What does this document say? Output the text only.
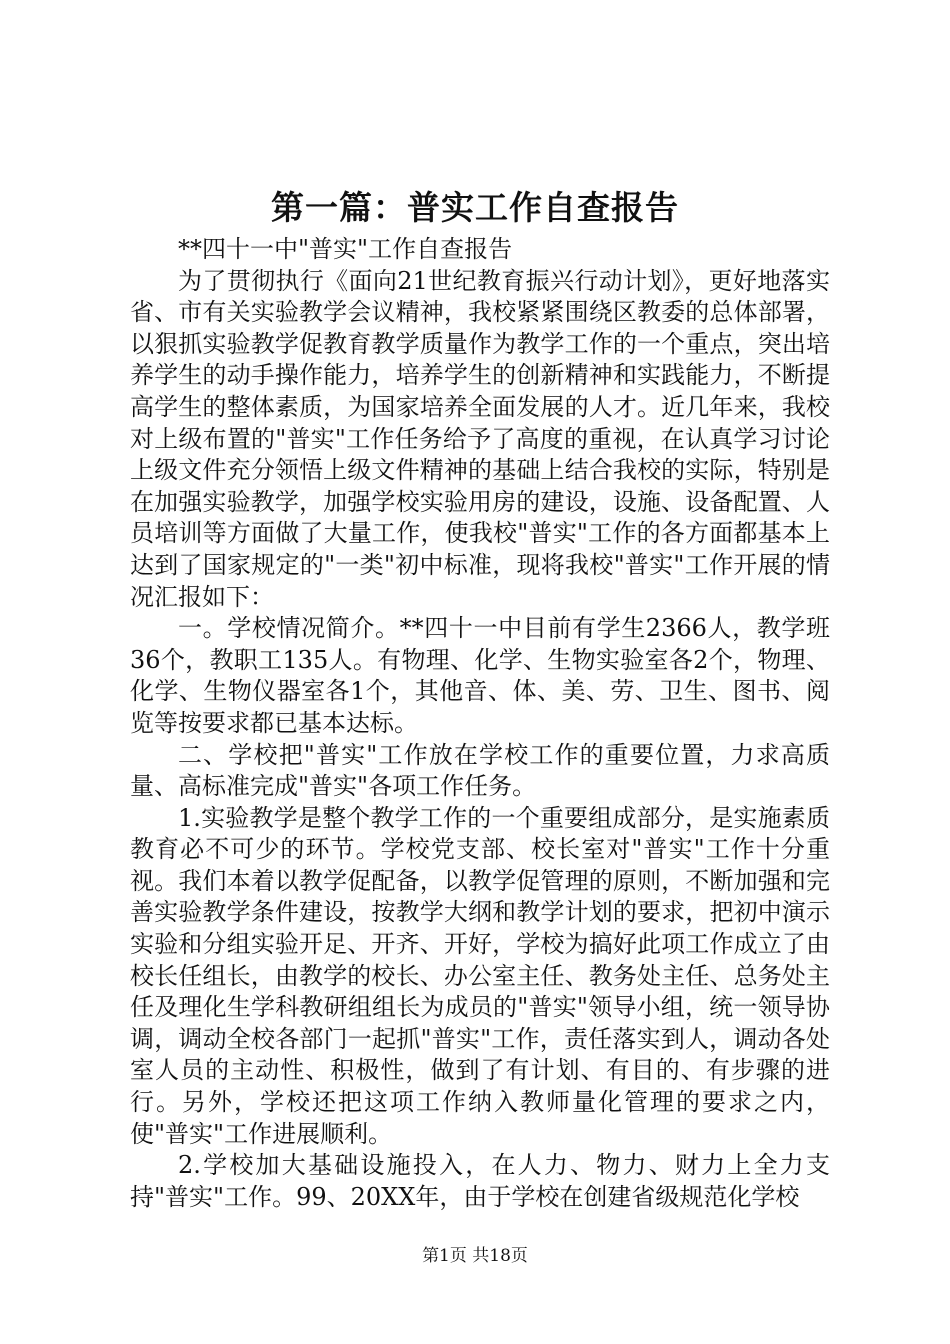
第一篇：普实工作自查报告

**四十一中"普实"工作自查报告

为了贯彻执行《面向21世纪教育振兴行动计划》，更好地落实省、市有关实验教学会议精神，我校紧紧围绕区教委的总体部署，以狠抓实验教学促教育教学质量作为教学工作的一个重点，突出培养学生的动手操作能力，培养学生的创新精神和实践能力，不断提高学生的整体素质，为国家培养全面发展的人才。近几年来，我校对上级布置的"普实"工作任务给予了高度的重视，在认真学习讨论上级文件充分领悟上级文件精神的基础上结合我校的实际，特别是在加强实验教学，加强学校实验用房的建设，设施、设备配置、人员培训等方面做了大量工作，使我校"普实"工作的各方面都基本上达到了国家规定的"一类"初中标准，现将我校"普实"工作开展的情况汇报如下：

一。学校情况简介。**四十一中目前有学生2366人，教学班36个，教职工135人。有物理、化学、生物实验室各2个，物理、化学、生物仪器室各1个，其他音、体、美、劳、卫生、图书、阅览等按要求都已基本达标。

二、学校把"普实"工作放在学校工作的重要位置，力求高质量、高标准完成"普实"各项工作任务。

1.实验教学是整个教学工作的一个重要组成部分，是实施素质教育必不可少的环节。学校党支部、校长室对"普实"工作十分重视。我们本着以教学促配备，以教学促管理的原则，不断加强和完善实验教学条件建设，按教学大纲和教学计划的要求，把初中演示实验和分组实验开足、开齐、开好，学校为搞好此项工作成立了由校长任组长，由教学的校长、办公室主任、教务处主任、总务处主任及理化生学科教研组组长为成员的"普实"领导小组，统一领导协调，调动全校各部门一起抓"普实"工作，责任落实到人，调动各处室人员的主动性、积极性，做到了有计划、有目的、有步骤的进行。另外，学校还把这项工作纳入教师量化管理的要求之内，使"普实"工作进展顺利。

2.学校加大基础设施投入，在人力、物力、财力上全力支持"普实"工作。99、20XX年，由于学校在创建省级规范化学校

第1页 共18页
